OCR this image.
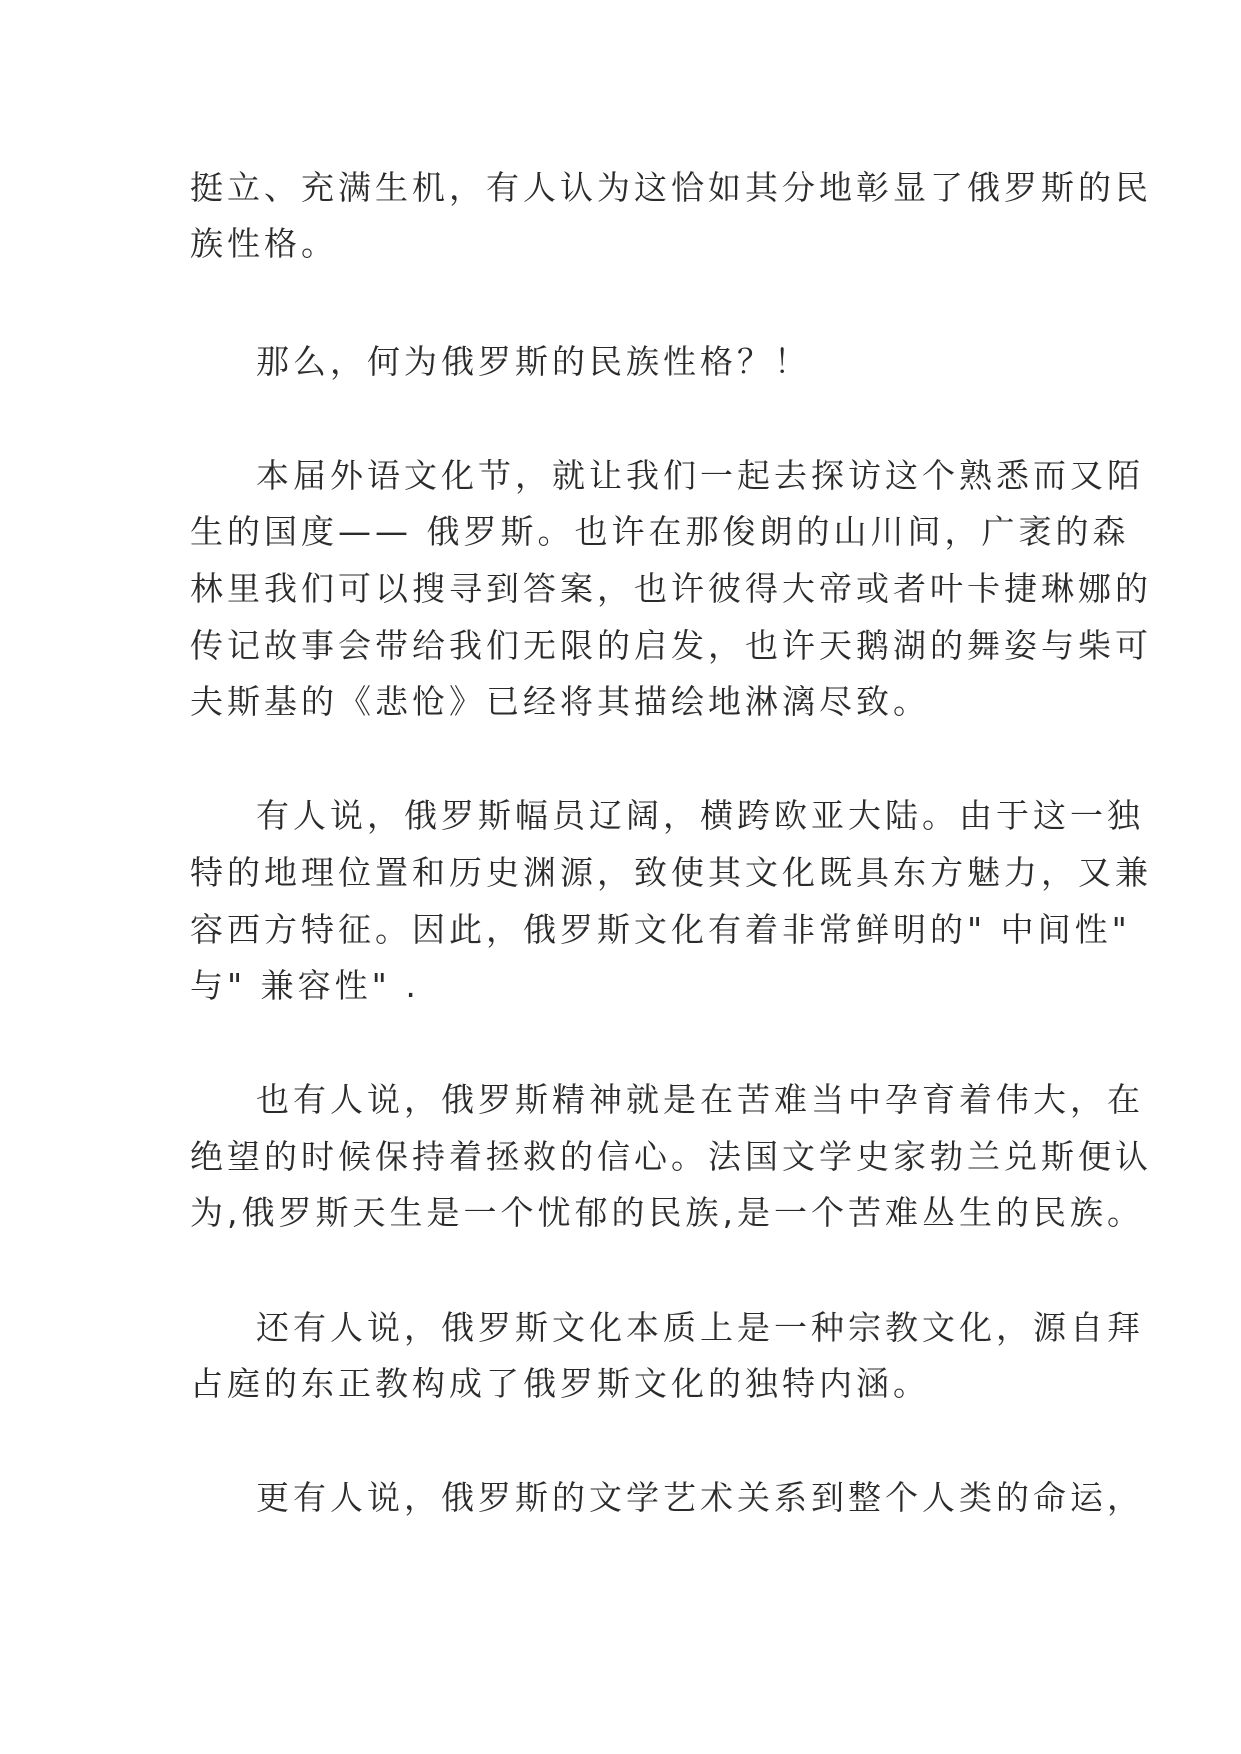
挺立、充满生机，有人认为这恰如其分地彰显了俄罗斯的民
族性格。
那么，何为俄罗斯的民族性格？！
本届外语文化节，就让我们一起去探访这个熟悉而又陌
生的国度—— 俄罗斯。也许在那俊朗的山川间，广袤的森
林里我们可以搜寻到答案，也许彼得大帝或者叶卡捷琳娜的
传记故事会带给我们无限的启发，也许天鹅湖的舞姿与柴可
夫斯基的《悲怆》已经将其描绘地淋漓尽致。
有人说，俄罗斯幅员辽阔，横跨欧亚大陆。由于这一独
特的地理位置和历史渊源，致使其文化既具东方魅力，又兼
容西方特征。因此，俄罗斯文化有着非常鲜明的" 中间性"
与" 兼容性" .
也有人说，俄罗斯精神就是在苦难当中孕育着伟大，在
绝望的时候保持着拯救的信心。法国文学史家勃兰兑斯便认
为,俄罗斯天生是一个忧郁的民族,是一个苦难丛生的民族。
还有人说，俄罗斯文化本质上是一种宗教文化，源自拜
占庭的东正教构成了俄罗斯文化的独特内涵。
更有人说，俄罗斯的文学艺术关系到整个人类的命运，
